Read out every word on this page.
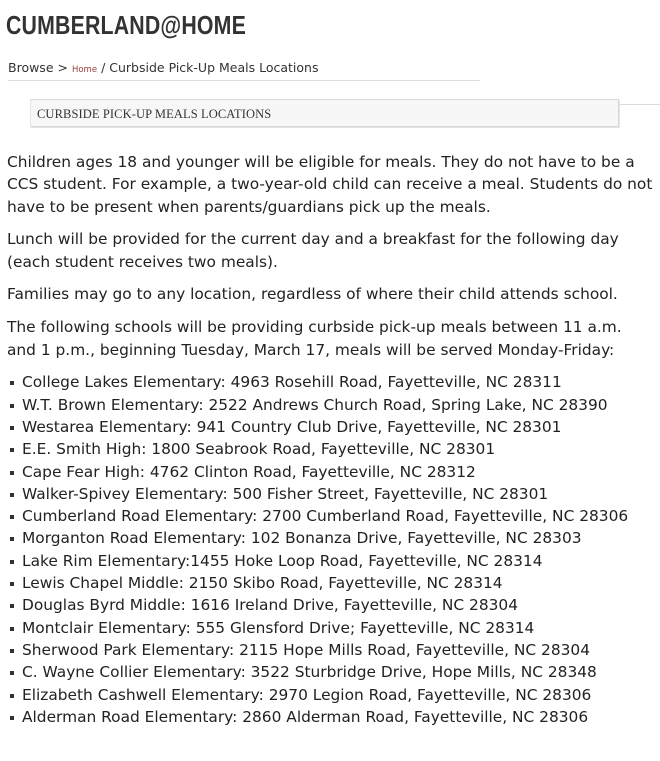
CUMBERLAND@HOME
Browse > Home / Curbside Pick-Up Meals Locations
CURBSIDE PICK-UP MEALS LOCATIONS

Children ages 18 and younger will be eligible for meals. They do not have to be a CCS student. For example, a two-year-old child can receive a meal. Students do not have to be present when parents/guardians pick up the meals.

Lunch will be provided for the current day and a breakfast for the following day (each student receives two meals).

Families may go to any location, regardless of where their child attends school.

The following schools will be providing curbside pick-up meals between 11 a.m. and 1 p.m., beginning Tuesday, March 17, meals will be served Monday-Friday:

College Lakes Elementary: 4963 Rosehill Road, Fayetteville, NC 28311
W.T. Brown Elementary: 2522 Andrews Church Road, Spring Lake, NC 28390
Westarea Elementary: 941 Country Club Drive, Fayetteville, NC 28301
E.E. Smith High: 1800 Seabrook Road, Fayetteville, NC 28301
Cape Fear High: 4762 Clinton Road, Fayetteville, NC 28312
Walker-Spivey Elementary: 500 Fisher Street, Fayetteville, NC 28301
Cumberland Road Elementary: 2700 Cumberland Road, Fayetteville, NC 28306
Morganton Road Elementary: 102 Bonanza Drive, Fayetteville, NC 28303
Lake Rim Elementary:1455 Hoke Loop Road, Fayetteville, NC 28314
Lewis Chapel Middle: 2150 Skibo Road, Fayetteville, NC 28314
Douglas Byrd Middle: 1616 Ireland Drive, Fayetteville, NC 28304
Montclair Elementary: 555 Glensford Drive; Fayetteville, NC 28314
Sherwood Park Elementary: 2115 Hope Mills Road, Fayetteville, NC 28304
C. Wayne Collier Elementary: 3522 Sturbridge Drive, Hope Mills, NC 28348
Elizabeth Cashwell Elementary: 2970 Legion Road, Fayetteville, NC 28306
Alderman Road Elementary: 2860 Alderman Road, Fayetteville, NC 28306
